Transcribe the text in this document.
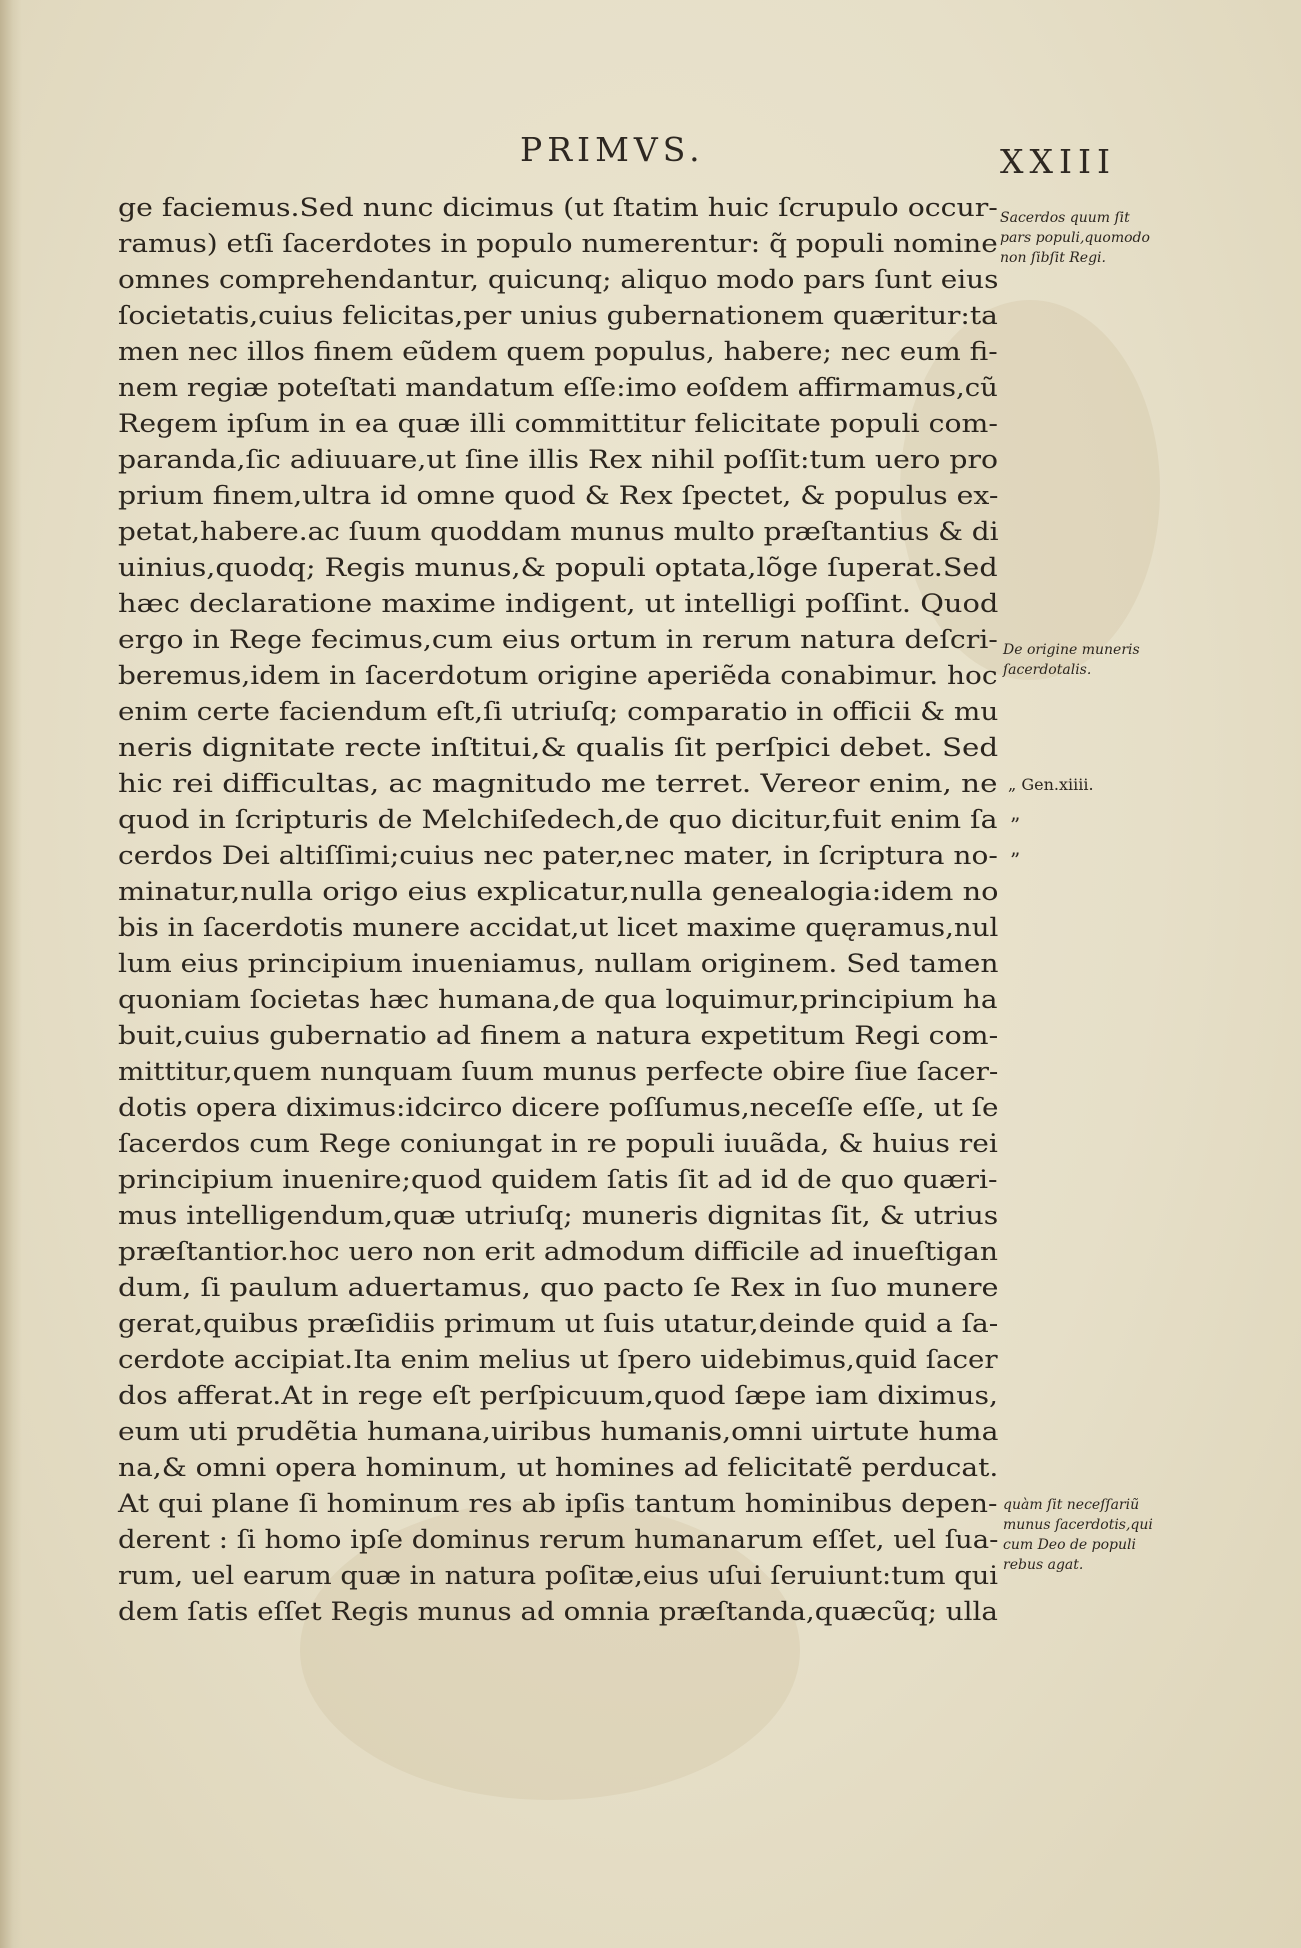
PRIMVS.	XXIII
ge faciemus.Sed nunc dicimus (ut ſtatim huic ſcrupulo occur-
ramus) etſi ſacerdotes in populo numerentur: q̃ populi nomine
omnes comprehendantur, quicunq; aliquo modo pars ſunt eius
ſocietatis,cuius felicitas,per unius gubernationem quæritur:ta
men nec illos finem eũdem quem populus, habere; nec eum fi-
nem regiæ poteſtati mandatum eſſe:imo eoſdem affirmamus,cũ
Regem ipſum in ea quæ illi committitur felicitate populi com-
paranda,ſic adiuuare,ut ſine illis Rex nihil poſſit:tum uero pro
prium finem,ultra id omne quod & Rex ſpectet, & populus ex-
petat,habere.ac ſuum quoddam munus multo præſtantius & di
uinius,quodq; Regis munus,& populi optata,lõge ſuperat.Sed
hæc declaratione maxime indigent, ut intelligi poſſint. Quod
ergo in Rege fecimus,cum eius ortum in rerum natura deſcri-
beremus,idem in ſacerdotum origine aperiẽda conabimur. hoc
enim certe faciendum eſt,ſi utriuſq; comparatio in officii & mu
neris dignitate recte inſtitui,& qualis ſit perſpici debet. Sed
hic rei difficultas, ac magnitudo me terret. Vereor enim, ne
quod in ſcripturis de Melchiſedech,de quo dicitur,fuit enim ſa
cerdos Dei altiſſimi;cuius nec pater,nec mater, in ſcriptura no-
minatur,nulla origo eius explicatur,nulla genealogia:idem no
bis in ſacerdotis munere accidat,ut licet maxime quęramus,nul
lum eius principium inueniamus, nullam originem. Sed tamen
quoniam ſocietas hæc humana,de qua loquimur,principium ha
buit,cuius gubernatio ad finem a natura expetitum Regi com-
mittitur,quem nunquam ſuum munus perfecte obire ſiue ſacer-
dotis opera diximus:idcirco dicere poſſumus,neceſſe eſſe, ut ſe
ſacerdos cum Rege coniungat in re populi iuuãda, & huius rei
principium inuenire;quod quidem ſatis ſit ad id de quo quæri-
mus intelligendum,quæ utriuſq; muneris dignitas ſit, & utrius
præſtantior.hoc uero non erit admodum difficile ad inueſtigan
dum, ſi paulum aduertamus, quo pacto ſe Rex in ſuo munere
gerat,quibus præſidiis primum ut ſuis utatur,deinde quid a ſa-
cerdote accipiat.Ita enim melius ut ſpero uidebimus,quid ſacer
dos afferat.At in rege eſt perſpicuum,quod ſæpe iam diximus,
eum uti prudẽtia humana,uiribus humanis,omni uirtute huma
na,& omni opera hominum, ut homines ad felicitatẽ perducat.
At qui plane ſi hominum res ab ipſis tantum hominibus depen-
derent : ſi homo ipſe dominus rerum humanarum eſſet, uel ſua-
rum, uel earum quæ in natura poſitæ,eius uſui ſeruiunt:tum qui
dem ſatis eſſet Regis munus ad omnia præſtanda,quæcũq; ulla
Sacerdos quum ſit
pars populi,quomodo
non ſibſit Regi.
De origine muneris
ſacerdotalis.
„ Gen.xiiii.
”
”
quàm ſit neceſſariũ
munus ſacerdotis,qui
cum Deo de populi
rebus agat.
